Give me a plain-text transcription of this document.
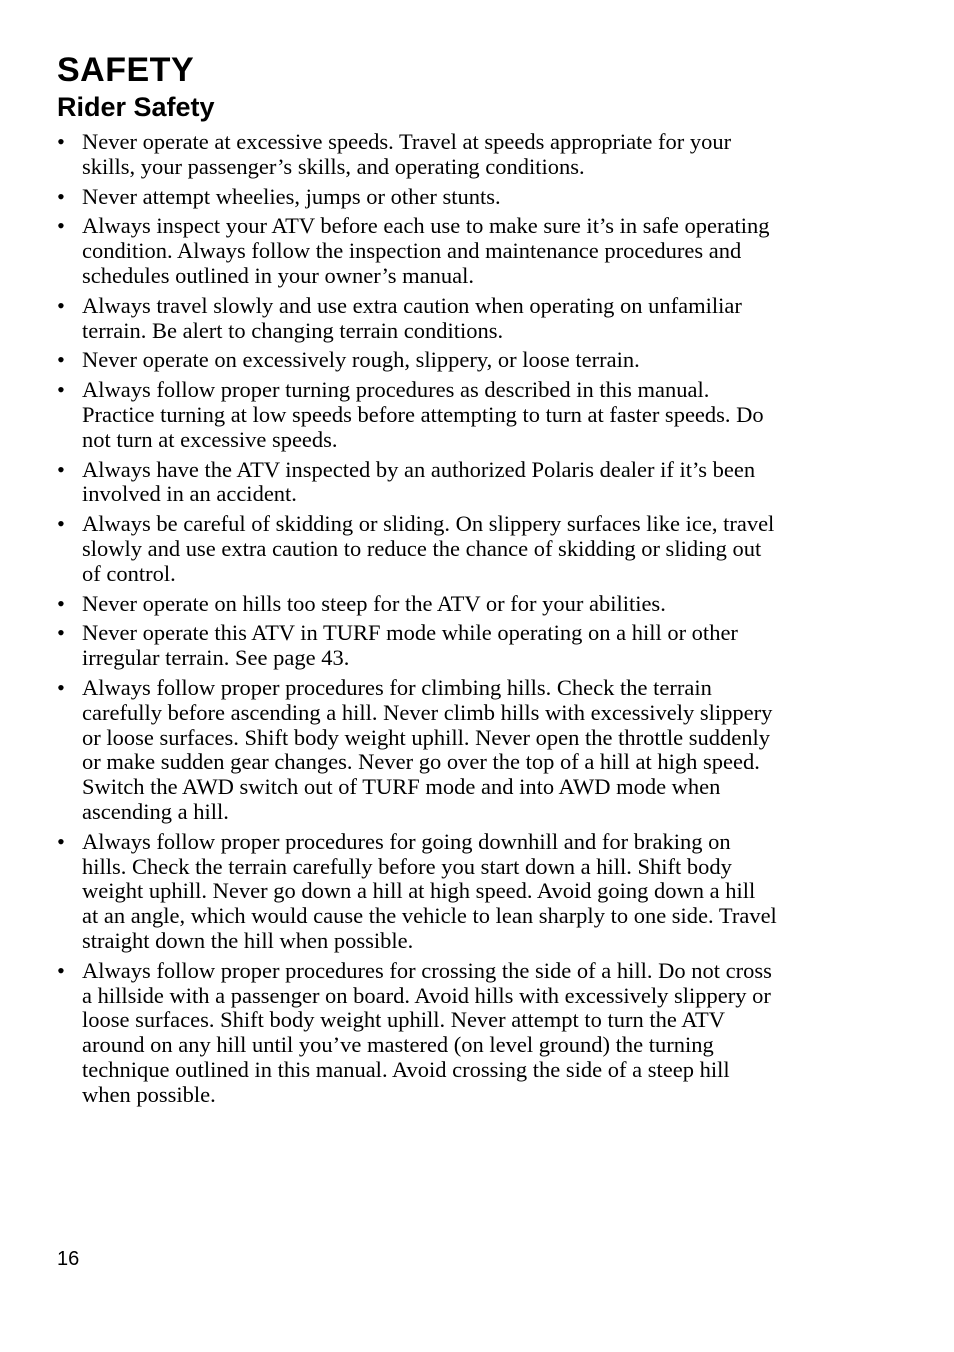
SAFETY
Rider Safety
• Never operate at excessive speeds. Travel at speeds appropriate for your skills, your passenger’s skills, and operating conditions.
• Never attempt wheelies, jumps or other stunts.
• Always inspect your ATV before each use to make sure it’s in safe operating condition. Always follow the inspection and maintenance procedures and schedules outlined in your owner’s manual.
• Always travel slowly and use extra caution when operating on unfamiliar terrain. Be alert to changing terrain conditions.
• Never operate on excessively rough, slippery, or loose terrain.
• Always follow proper turning procedures as described in this manual. Practice turning at low speeds before attempting to turn at faster speeds. Do not turn at excessive speeds.
• Always have the ATV inspected by an authorized Polaris dealer if it’s been involved in an accident.
• Always be careful of skidding or sliding. On slippery surfaces like ice, travel slowly and use extra caution to reduce the chance of skidding or sliding out of control.
• Never operate on hills too steep for the ATV or for your abilities.
• Never operate this ATV in TURF mode while operating on a hill or other irregular terrain. See page 43.
• Always follow proper procedures for climbing hills. Check the terrain carefully before ascending a hill. Never climb hills with excessively slippery or loose surfaces. Shift body weight uphill. Never open the throttle suddenly or make sudden gear changes. Never go over the top of a hill at high speed. Switch the AWD switch out of TURF mode and into AWD mode when ascending a hill.
• Always follow proper procedures for going downhill and for braking on hills. Check the terrain carefully before you start down a hill. Shift body weight uphill. Never go down a hill at high speed. Avoid going down a hill at an angle, which would cause the vehicle to lean sharply to one side. Travel straight down the hill when possible.
• Always follow proper procedures for crossing the side of a hill. Do not cross a hillside with a passenger on board. Avoid hills with excessively slippery or loose surfaces. Shift body weight uphill. Never attempt to turn the ATV around on any hill until you’ve mastered (on level ground) the turning technique outlined in this manual. Avoid crossing the side of a steep hill when possible.

16
